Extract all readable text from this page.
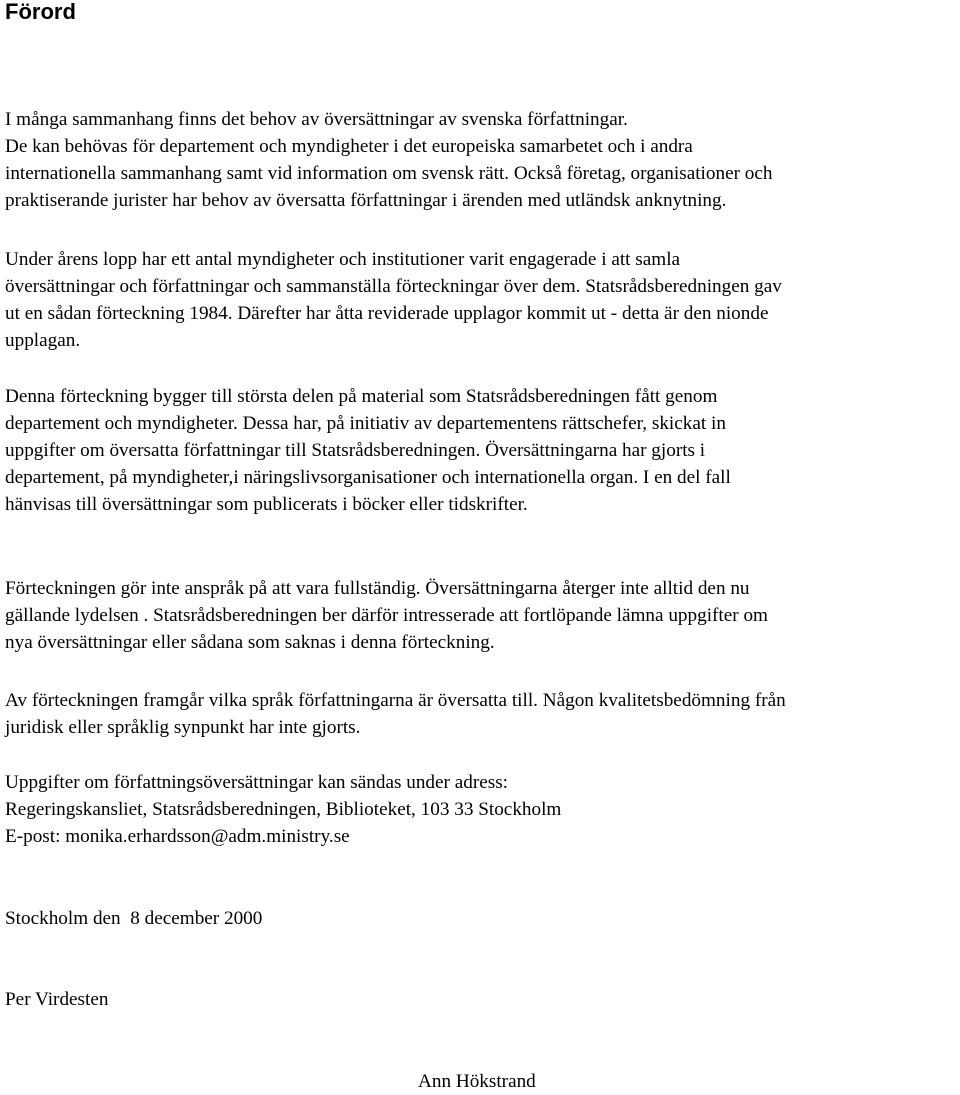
Förord
I många sammanhang finns det behov av översättningar av svenska författningar.
De kan behövas för departement och myndigheter i det europeiska samarbetet och i andra
internationella sammanhang samt vid information om svensk rätt. Också företag, organisationer och
praktiserande jurister har behov av översatta författningar i ärenden med utländsk anknytning.
Under årens lopp har ett antal myndigheter och institutioner varit engagerade i att samla
översättningar och författningar och sammanställa förteckningar över dem. Statsrådsberedningen gav
ut en sådan förteckning 1984. Därefter har åtta reviderade upplagor kommit ut - detta är den nionde
upplagan.
Denna förteckning bygger till största delen på material som Statsrådsberedningen fått genom
departement och myndigheter. Dessa har, på initiativ av departementens rättschefer, skickat in
uppgifter om översatta författningar till Statsrådsberedningen. Översättningarna har gjorts i
departement, på myndigheter,i näringslivsorganisationer och internationella organ. I en del fall
hänvisas till översättningar som publicerats i böcker eller tidskrifter.
Förteckningen gör inte anspråk på att vara fullständig. Översättningarna återger inte alltid den nu
gällande lydelsen . Statsrådsberedningen ber därför intresserade att fortlöpande lämna uppgifter om
nya översättningar eller sådana som saknas i denna förteckning.
Av förteckningen framgår vilka språk författningarna är översatta till. Någon kvalitetsbedömning från
juridisk eller språklig synpunkt har inte gjorts.
Uppgifter om författningsöversättningar kan sändas under adress:
Regeringskansliet, Statsrådsberedningen, Biblioteket, 103 33 Stockholm
E-post: monika.erhardsson@adm.ministry.se

Stockholm den  8 december 2000

Per Virdesten

Ann Hökstrand
